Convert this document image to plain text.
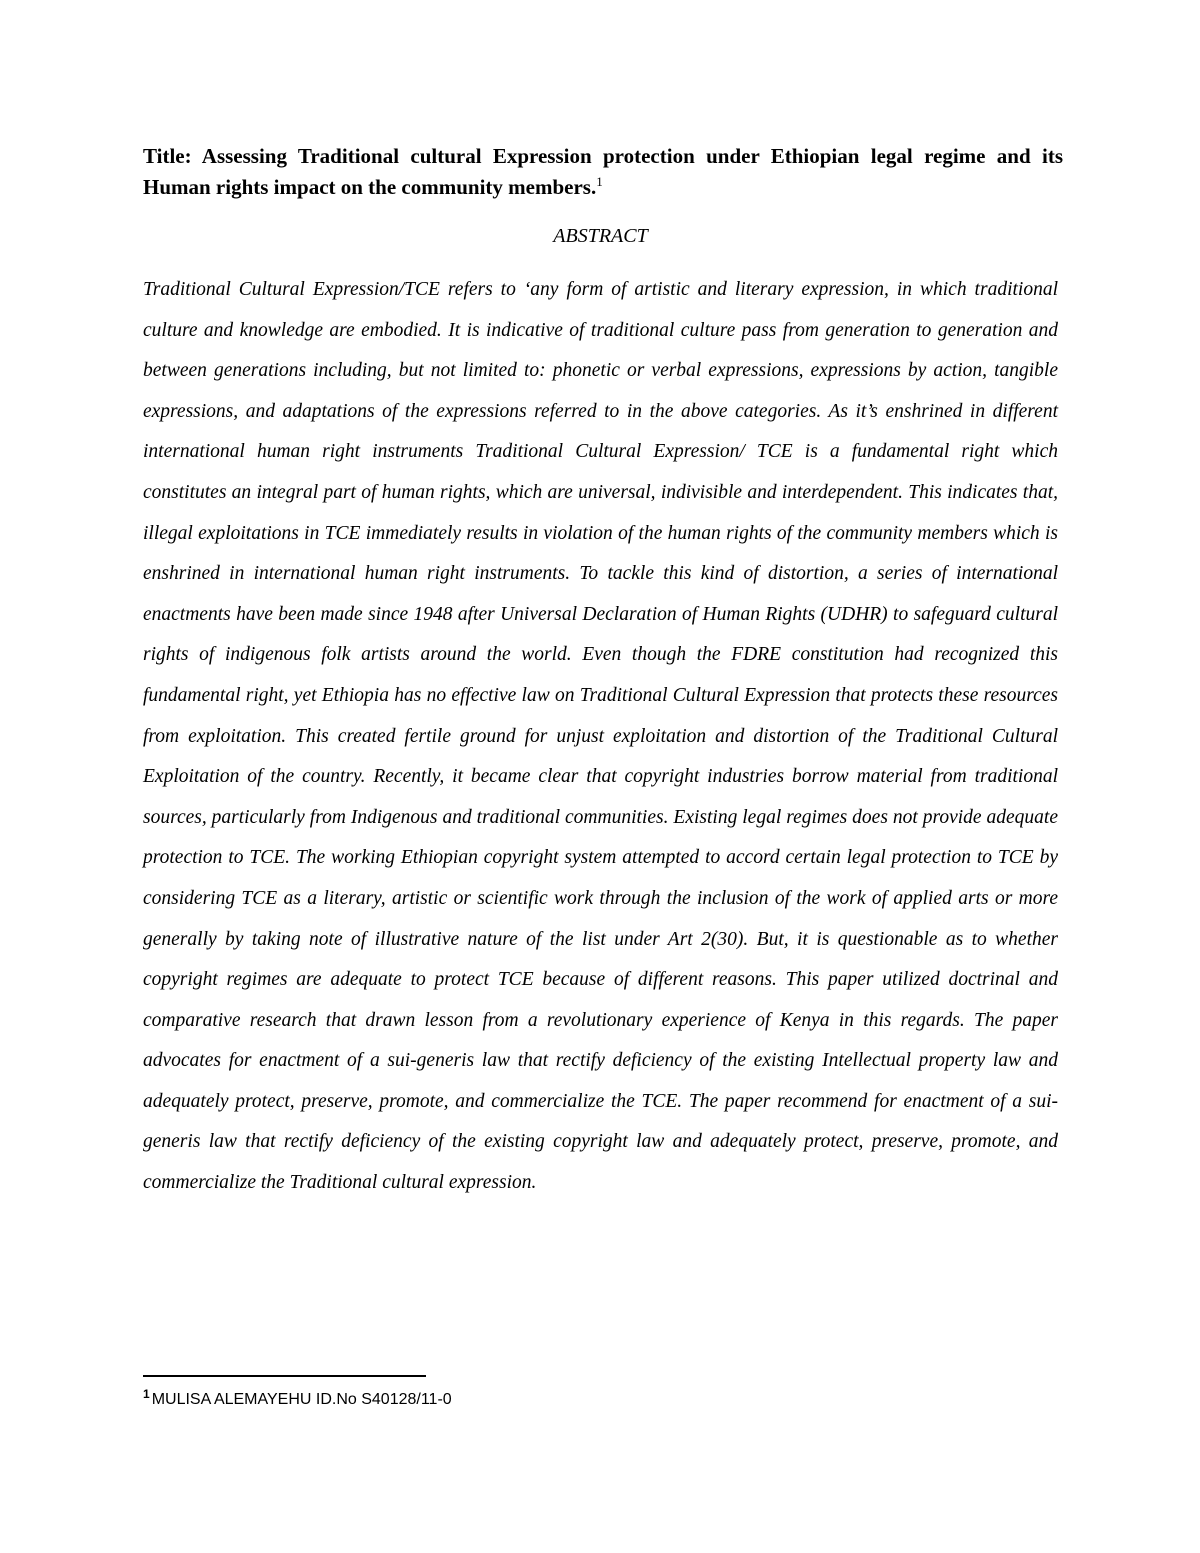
Title: Assessing Traditional cultural Expression protection under Ethiopian legal regime and its Human rights impact on the community members.$^1$

ABSTRACT

Traditional Cultural Expression/TCE refers to ‘any form of artistic and literary expression, in which traditional culture and knowledge are embodied. It is indicative of traditional culture pass from generation to generation and between generations including, but not limited to: phonetic or verbal expressions, expressions by action, tangible expressions, and adaptations of the expressions referred to in the above categories. As it’s enshrined in different international human right instruments Traditional Cultural Expression/ TCE is a fundamental right which constitutes an integral part of human rights, which are universal, indivisible and interdependent. This indicates that, illegal exploitations in TCE immediately results in violation of the human rights of the community members which is enshrined in international human right instruments. To tackle this kind of distortion, a series of international enactments have been made since 1948 after Universal Declaration of Human Rights (UDHR) to safeguard cultural rights of indigenous folk artists around the world. Even though the FDRE constitution had recognized this fundamental right, yet Ethiopia has no effective law on Traditional Cultural Expression that protects these resources from exploitation. This created fertile ground for unjust exploitation and distortion of the Traditional Cultural Exploitation of the country. Recently, it became clear that copyright industries borrow material from traditional sources, particularly from Indigenous and traditional communities. Existing legal regimes does not provide adequate protection to TCE. The working Ethiopian copyright system attempted to accord certain legal protection to TCE by considering TCE as a literary, artistic or scientific work through the inclusion of the work of applied arts or more generally by taking note of illustrative nature of the list under Art 2(30). But, it is questionable as to whether copyright regimes are adequate to protect TCE because of different reasons. This paper utilized doctrinal and comparative research that drawn lesson from a revolutionary experience of Kenya in this regards. The paper advocates for enactment of a sui-generis law that rectify deficiency of the existing Intellectual property law and adequately protect, preserve, promote, and commercialize the TCE. The paper recommend for enactment of a sui-generis law that rectify deficiency of the existing copyright law and adequately protect, preserve, promote, and commercialize the Traditional cultural expression.

$^1$ MULISA ALEMAYEHU ID.No S40128/11-0
